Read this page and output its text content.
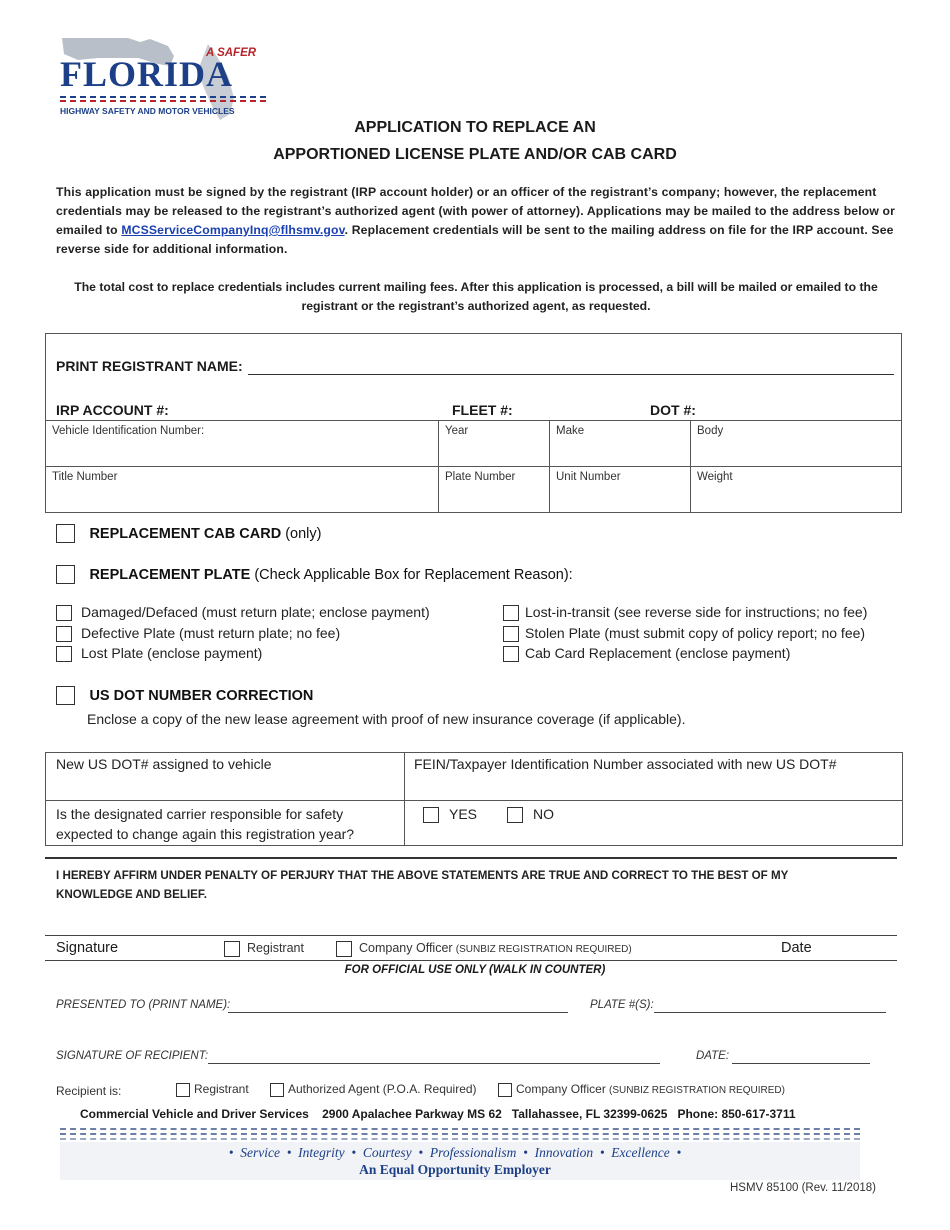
A SAFER
FLORIDA
HIGHWAY SAFETY AND MOTOR VEHICLES
APPLICATION TO REPLACE AN
APPORTIONED LICENSE PLATE AND/OR CAB CARD
This application must be signed by the registrant (IRP account holder) or an officer of the registrant’s company; however, the replacement credentials may be released to the registrant’s authorized agent (with power of attorney). Applications may be mailed to the address below or emailed to MCSServiceCompanyInq@flhsmv.gov. Replacement credentials will be sent to the mailing address on file for the IRP account. See reverse side for additional information.
The total cost to replace credentials includes current mailing fees. After this application is processed, a bill will be mailed or emailed to the registrant or the registrant’s authorized agent, as requested.
PRINT REGISTRANT NAME:
IRP ACCOUNT #:	FLEET #:	DOT #:
Vehicle Identification Number:	Year	Make	Body
Title Number	Plate Number	Unit Number	Weight
REPLACEMENT CAB CARD (only)
REPLACEMENT PLATE (Check Applicable Box for Replacement Reason):
Damaged/Defaced (must return plate; enclose payment)
Defective Plate (must return plate; no fee)
Lost Plate (enclose payment)
Lost-in-transit (see reverse side for instructions; no fee)
Stolen Plate (must submit copy of policy report; no fee)
Cab Card Replacement (enclose payment)
US DOT NUMBER CORRECTION
Enclose a copy of the new lease agreement with proof of new insurance coverage (if applicable).
New US DOT# assigned to vehicle	FEIN/Taxpayer Identification Number associated with new US DOT#
Is the designated carrier responsible for safety
expected to change again this registration year?
YES	NO
I HEREBY AFFIRM UNDER PENALTY OF PERJURY THAT THE ABOVE STATEMENTS ARE TRUE AND CORRECT TO THE BEST OF MY
KNOWLEDGE AND BELIEF.
Signature	Registrant	Company Officer (SUNBIZ REGISTRATION REQUIRED)	Date
FOR OFFICIAL USE ONLY (WALK IN COUNTER)
PRESENTED TO (PRINT NAME):	PLATE #(S):
SIGNATURE OF RECIPIENT:	DATE:
Recipient is:	Registrant	Authorized Agent (P.O.A. Required)	Company Officer (SUNBIZ REGISTRATION REQUIRED)
Commercial Vehicle and Driver Services    2900 Apalachee Parkway MS 62   Tallahassee, FL 32399-0625   Phone: 850-617-3711
•  Service  •  Integrity  •  Courtesy  •  Professionalism  •  Innovation  •  Excellence  •
An Equal Opportunity Employer
HSMV 85100 (Rev. 11/2018)
